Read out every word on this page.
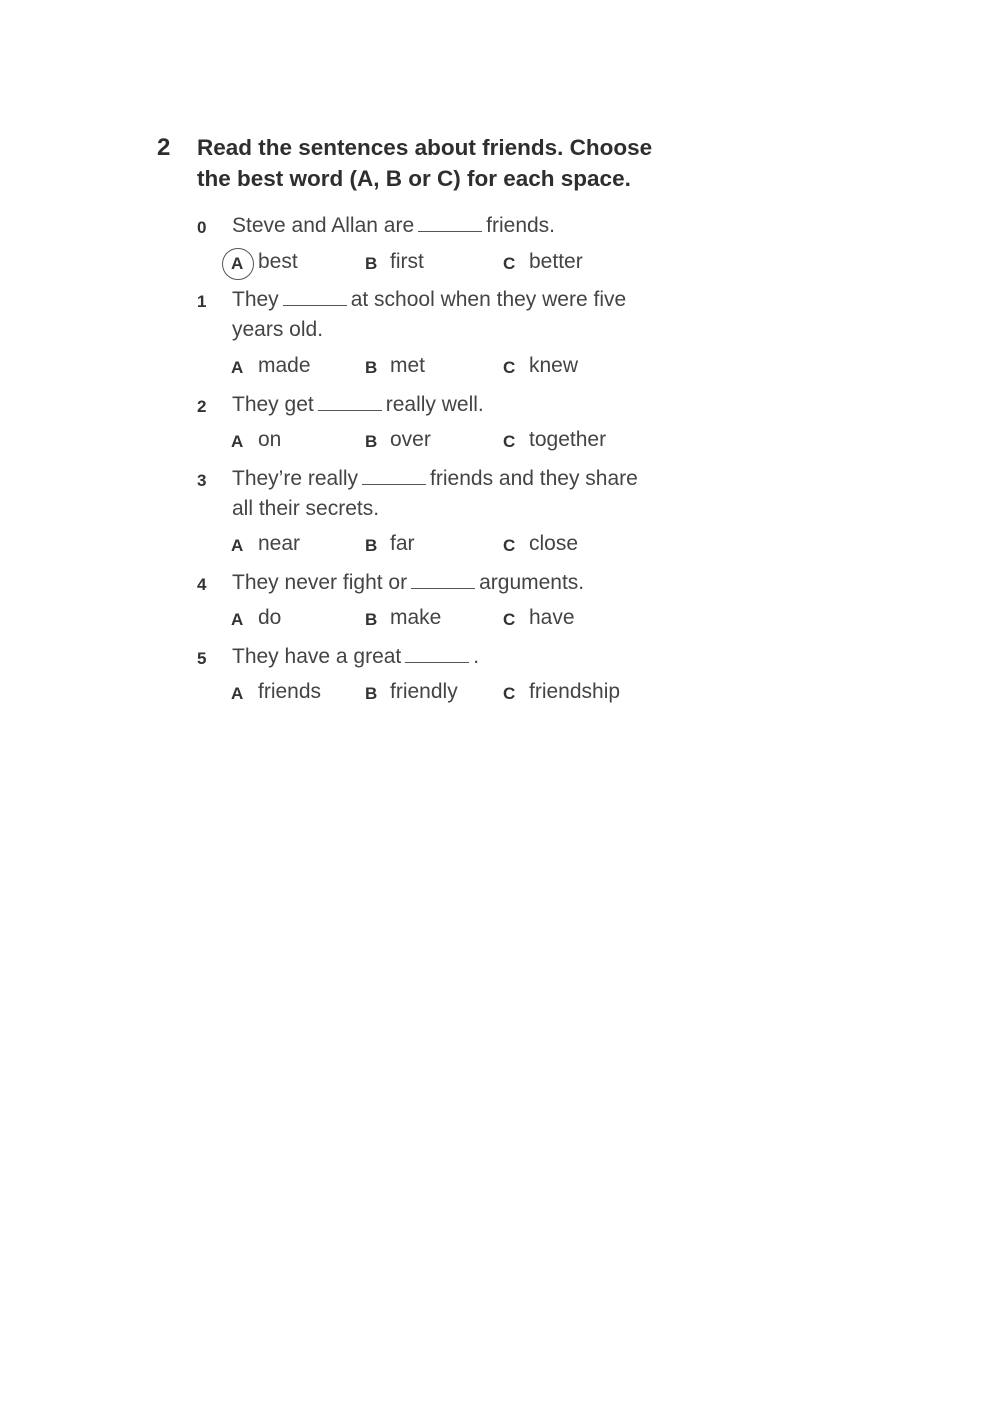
2 Read the sentences about friends. Choose
the best word (A, B or C) for each space.
0 Steve and Allan are	friends.
A best	B first	C better
1 They	at school when they were five
years old.
A made	B met	C knew
2 They get	really well.
A on	B over	C together
3 They’re really	friends and they share
all their secrets.
A near	B far	C close
4 They never fight or	arguments.
A do	B make	C have
5 They have a great	.
A friends	B friendly	C friendship
